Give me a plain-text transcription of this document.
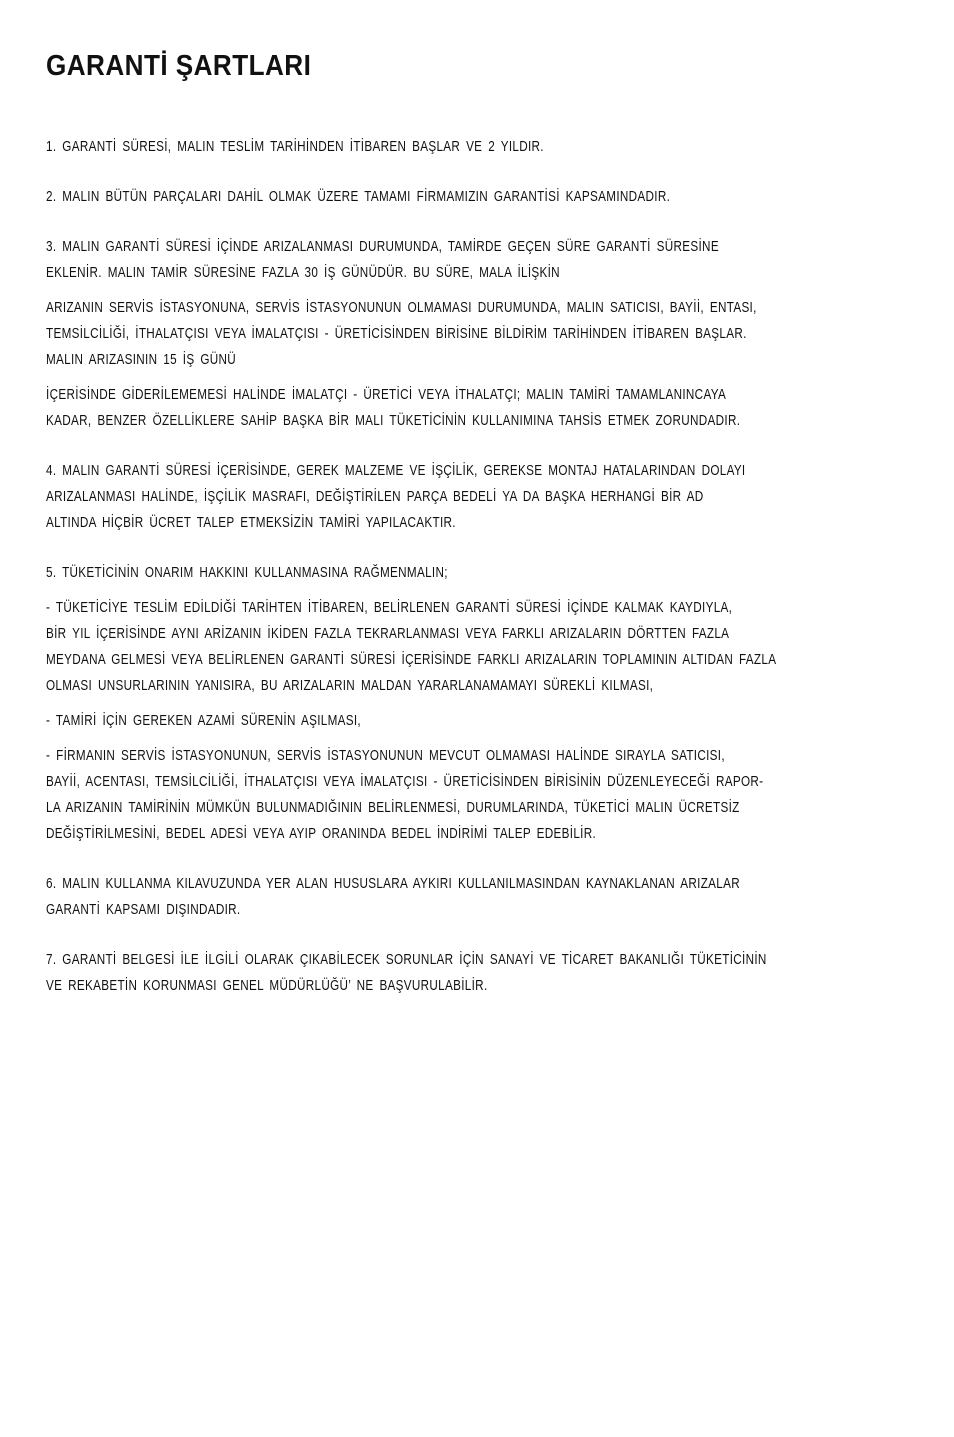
GARANTİ ŞARTLARI

1. GARANTİ SÜRESİ, MALIN TESLİM TARİHİNDEN İTİBAREN BAŞLAR VE 2 YILDIR.

2. MALIN BÜTÜN PARÇALARI DAHİL OLMAK ÜZERE TAMAMI FİRMAMIZIN GARANTİSİ KAPSAMINDADIR.

3. MALIN GARANTİ SÜRESİ İÇİNDE ARIZALANMASI DURUMUNDA, TAMİRDE GEÇEN SÜRE GARANTİ SÜRESİNE

EKLENİR. MALIN TAMİR SÜRESİNE FAZLA 30 İŞ GÜNÜDÜR. BU SÜRE, MALA İLİŞKİN

ARIZANIN SERVİS İSTASYONUNA, SERVİS İSTASYONUNUN OLMAMASI DURUMUNDA, MALIN SATICISI, BAYİİ, ENTASI,

TEMSİLCİLİĞİ, İTHALATÇISI VEYA İMALATÇISI - ÜRETİCİSİNDEN BİRİSİNE BİLDİRİM TARİHİNDEN İTİBAREN BAŞLAR.

MALIN ARIZASININ 15 İŞ GÜNÜ

İÇERİSİNDE GİDERİLEMEMESİ HALİNDE İMALATÇI - ÜRETİCİ VEYA İTHALATÇI; MALIN TAMİRİ TAMAMLANINCAYA

KADAR, BENZER ÖZELLİKLERE SAHİP BAŞKA BİR MALI TÜKETİCİNİN KULLANIMINA TAHSİS ETMEK ZORUNDADIR.

4. MALIN GARANTİ SÜRESİ İÇERİSİNDE, GEREK MALZEME VE İŞÇİLİK, GEREKSE MONTAJ HATALARINDAN DOLAYI

ARIZALANMASI HALİNDE, İŞÇİLİK MASRAFI, DEĞİŞTİRİLEN PARÇA BEDELİ YA DA BAŞKA HERHANGİ BİR AD

ALTINDA HİÇBİR ÜCRET TALEP ETMEKSİZİN TAMİRİ YAPILACAKTIR.

5. TÜKETİCİNİN ONARIM HAKKINI KULLANMASINA RAĞMENMALIN;

- TÜKETİCİYE TESLİM EDİLDİĞİ TARİHTEN İTİBAREN, BELİRLENEN GARANTİ SÜRESİ İÇİNDE KALMAK KAYDIYLA,

BİR YIL İÇERİSİNDE AYNI ARİZANIN İKİDEN FAZLA TEKRARLANMASI VEYA FARKLI ARIZALARIN DÖRTTEN FAZLA

MEYDANA GELMESİ VEYA BELİRLENEN GARANTİ SÜRESİ İÇERİSİNDE FARKLI ARIZALARIN TOPLAMININ ALTIDAN FAZLA

OLMASI UNSURLARININ YANISIRA, BU ARIZALARIN MALDAN YARARLANAMAMAYI SÜREKLİ KILMASI,

- TAMİRİ İÇİN GEREKEN AZAMİ SÜRENİN AŞILMASI,

- FİRMANIN SERVİS İSTASYONUNUN, SERVİS İSTASYONUNUN MEVCUT OLMAMASI HALİNDE SIRAYLA SATICISI,

BAYİİ, ACENTASI, TEMSİLCİLİĞİ, İTHALATÇISI VEYA İMALATÇISI - ÜRETİCİSİNDEN BİRİSİNİN DÜZENLEYECEĞİ RAPOR-

LA ARIZANIN TAMİRİNİN MÜMKÜN BULUNMADIĞININ BELİRLENMESİ, DURUMLARINDA, TÜKETİCİ MALIN ÜCRETSİZ

DEĞİŞTİRİLMESİNİ, BEDEL ADESİ VEYA AYIP ORANINDA BEDEL İNDİRİMİ TALEP EDEBİLİR.

6. MALIN KULLANMA KILAVUZUNDA YER ALAN HUSUSLARA AYKIRI KULLANILMASINDAN KAYNAKLANAN ARIZALAR

GARANTİ KAPSAMI DIŞINDADIR.

7. GARANTİ BELGESİ İLE İLGİLİ OLARAK ÇIKABİLECEK SORUNLAR İÇİN SANAYİ VE TİCARET BAKANLIĞI TÜKETİCİNİN

VE REKABETİN KORUNMASI GENEL MÜDÜRLÜĞÜ’ NE BAŞVURULABİLİR.
